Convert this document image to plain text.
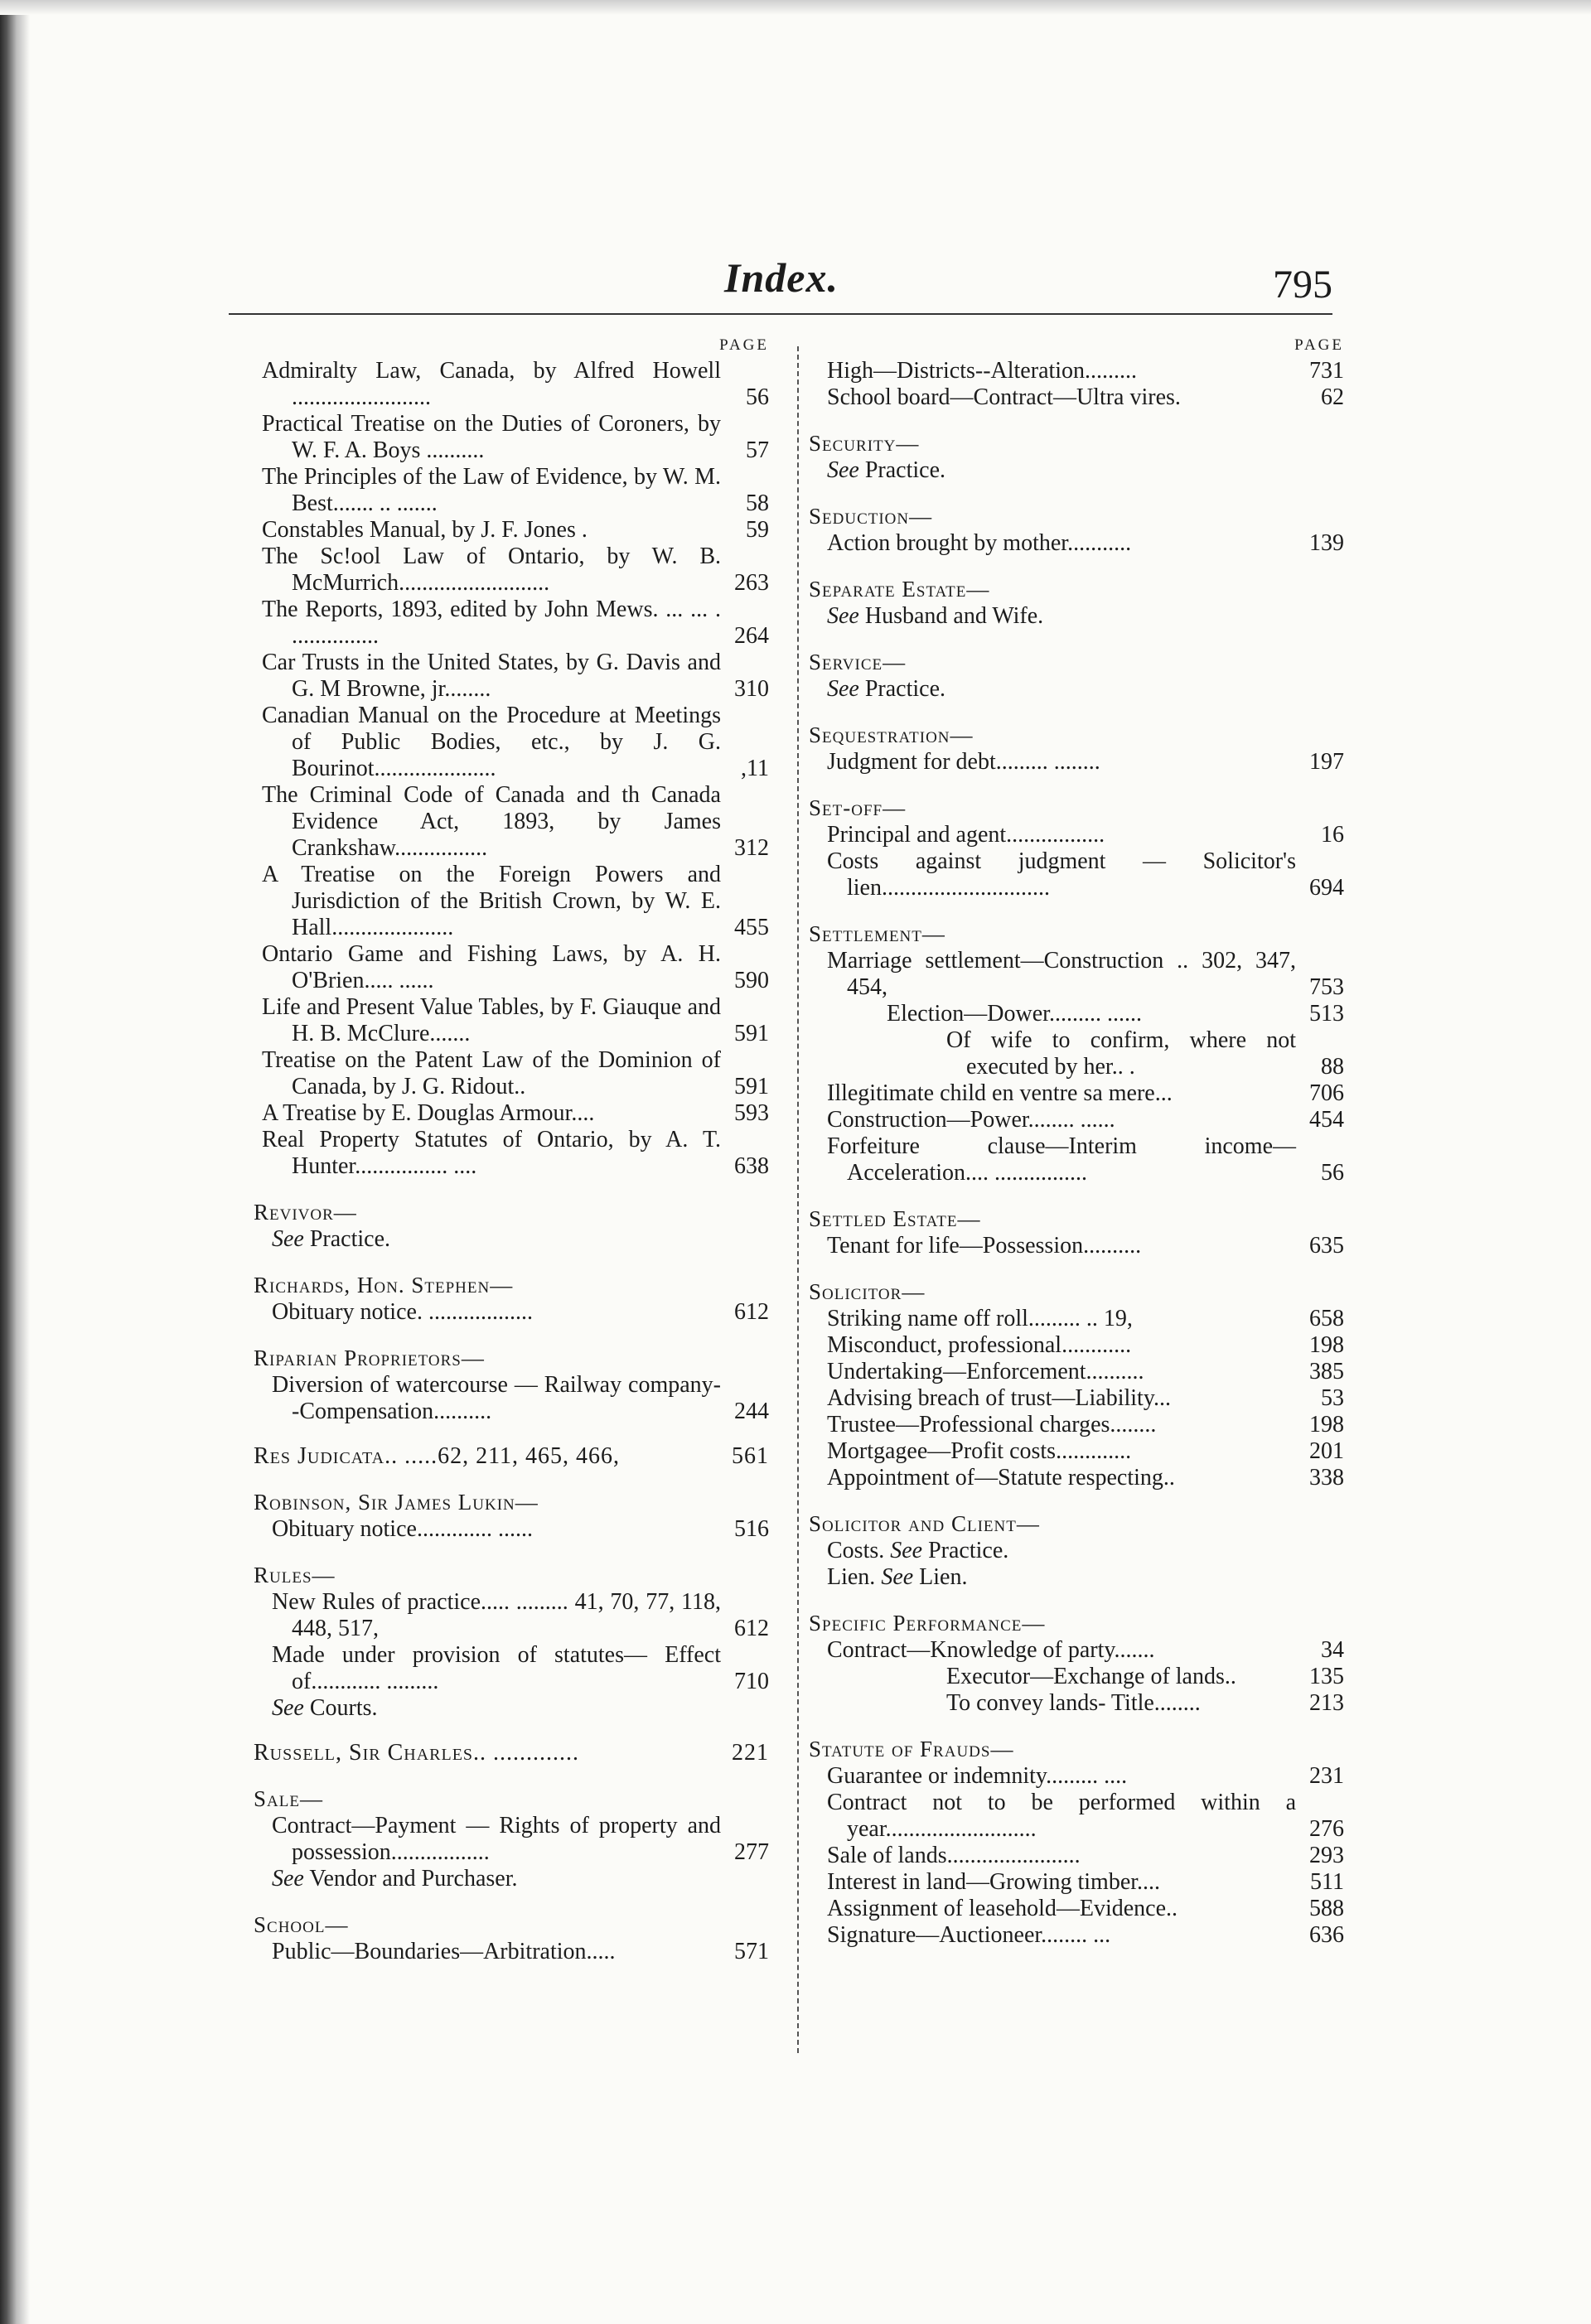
Index.	795
PAGE
Admiralty Law, Canada, by Alfred Howell ........................	56
Practical Treatise on the Duties of Coroners, by W. F. A. Boys ..........	57
The Principles of the Law of Evidence, by W. M. Best....... .. .......	58
Constables Manual, by J. F. Jones .	59
The Sc!ool Law of Ontario, by W. B. McMurrich..........................	263
The Reports, 1893, edited by John Mews. ... ... . ...............	264
Car Trusts in the United States, by G. Davis and G. M Browne, jr........	310
Canadian Manual on the Procedure at Meetings of Public Bodies, etc., by J. G. Bourinot.....................	,11
The Criminal Code of Canada and th Canada Evidence Act, 1893, by James Crankshaw................	312
A Treatise on the Foreign Powers and Jurisdiction of the British Crown, by W. E. Hall.....................	455
Ontario Game and Fishing Laws, by A. H. O'Brien..... ......	590
Life and Present Value Tables, by F. Giauque and H. B. McClure.......	591
Treatise on the Patent Law of the Dominion of Canada, by J. G. Ridout..	591
A Treatise by E. Douglas Armour....	593
Real Property Statutes of Ontario, by A. T. Hunter................ ....	638
Revivor—
See Practice.
Richards, Hon. Stephen—
Obituary notice. ..................	612
Riparian Proprietors—
Diversion of watercourse — Railway company--Compensation..........	244
Res Judicata.. .....62, 211, 465, 466,	561
Robinson, Sir James Lukin—
Obituary notice............. ......	516
Rules—
New Rules of practice..... ......... 41, 70, 77, 118, 448, 517,	612
Made under provision of statutes— Effect of............ .........	710
See Courts.
Russell, Sir Charles.. .............	221
Sale—
Contract—Payment — Rights of property and possession.................	277
See Vendor and Purchaser.
School—
Public—Boundaries—Arbitration.....	571
PAGE
High—Districts--Alteration.........	731
School board—Contract—Ultra vires.	62
Security—
See Practice.
Seduction—
Action brought by mother...........	139
Separate Estate—
See Husband and Wife.
Service—
See Practice.
Sequestration—
Judgment for debt......... ........	197
Set-off—
Principal and agent.................	16
Costs against judgment — Solicitor's lien.............................	694
Settlement—
Marriage settlement—Construction .. 302, 347, 454,	753
Election—Dower......... ......	513
Of wife to confirm, where not executed by her.. .	88
Illegitimate child en ventre sa mere...	706
Construction—Power........ ......	454
Forfeiture clause—Interim income—Acceleration.... ................	56
Settled Estate—
Tenant for life—Possession..........	635
Solicitor—
Striking name off roll......... .. 19,	658
Misconduct, professional............	198
Undertaking—Enforcement..........	385
Advising breach of trust—Liability...	53
Trustee—Professional charges........	198
Mortgagee—Profit costs.............	201
Appointment of—Statute respecting..	338
Solicitor and Client—
Costs. See Practice.
Lien. See Lien.
Specific Performance—
Contract—Knowledge of party.......	34
Executor—Exchange of lands..	135
To convey lands- Title........	213
Statute of Frauds—
Guarantee or indemnity......... ....	231
Contract not to be performed within a year..........................	276
Sale of lands.......................	293
Interest in land—Growing timber....	511
Assignment of leasehold—Evidence..	588
Signature—Auctioneer........ ...	636
